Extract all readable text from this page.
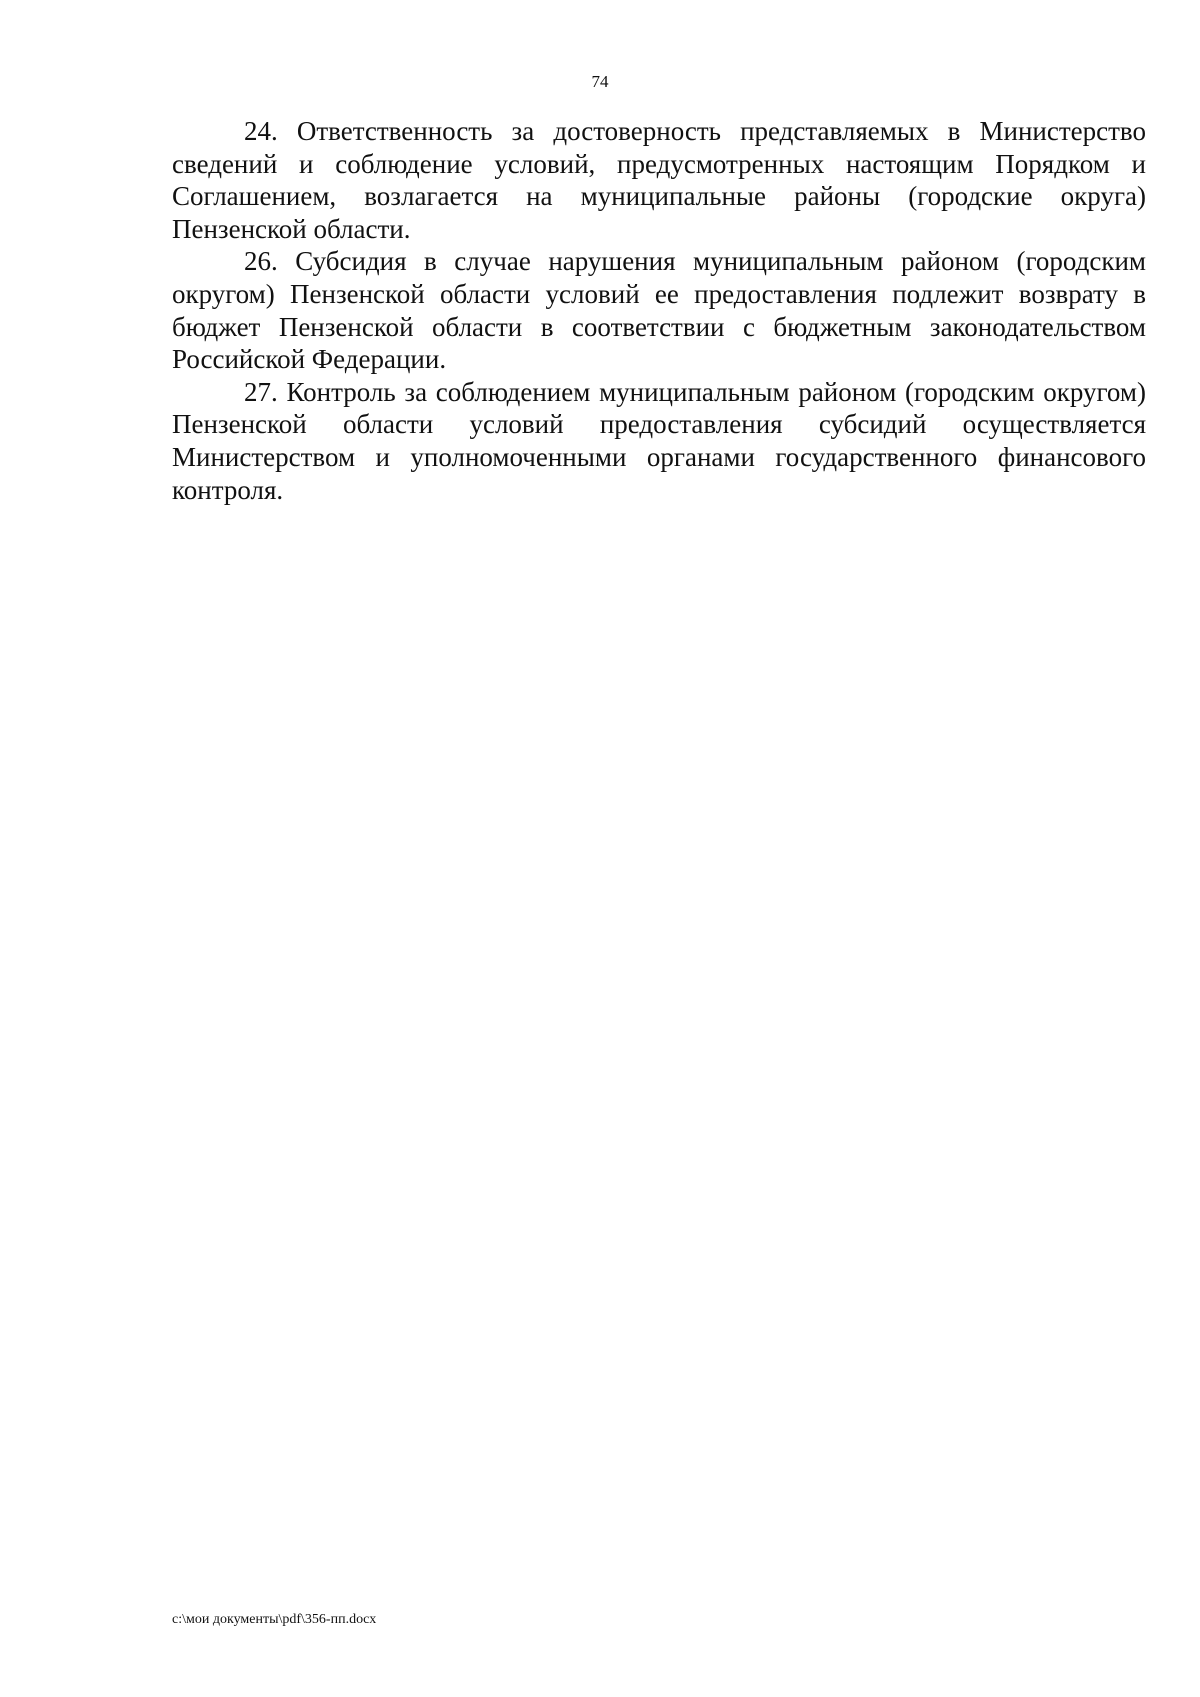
74

24. Ответственность за достоверность представляемых в Министерство сведений и соблюдение условий, предусмотренных настоящим Порядком и Соглашением, возлагается на муниципальные районы (городские округа) Пензенской области.

26. Субсидия в случае нарушения муниципальным районом (городским округом) Пензенской области условий ее предоставления подлежит возврату в бюджет Пензенской области в соответствии с бюджетным законодательством Российской Федерации.

27. Контроль за соблюдением муниципальным районом (городским округом) Пензенской области условий предоставления субсидий осуществляется Министерством и уполномоченными органами государственного финансового контроля.

c:\мои документы\pdf\356-пп.docx
